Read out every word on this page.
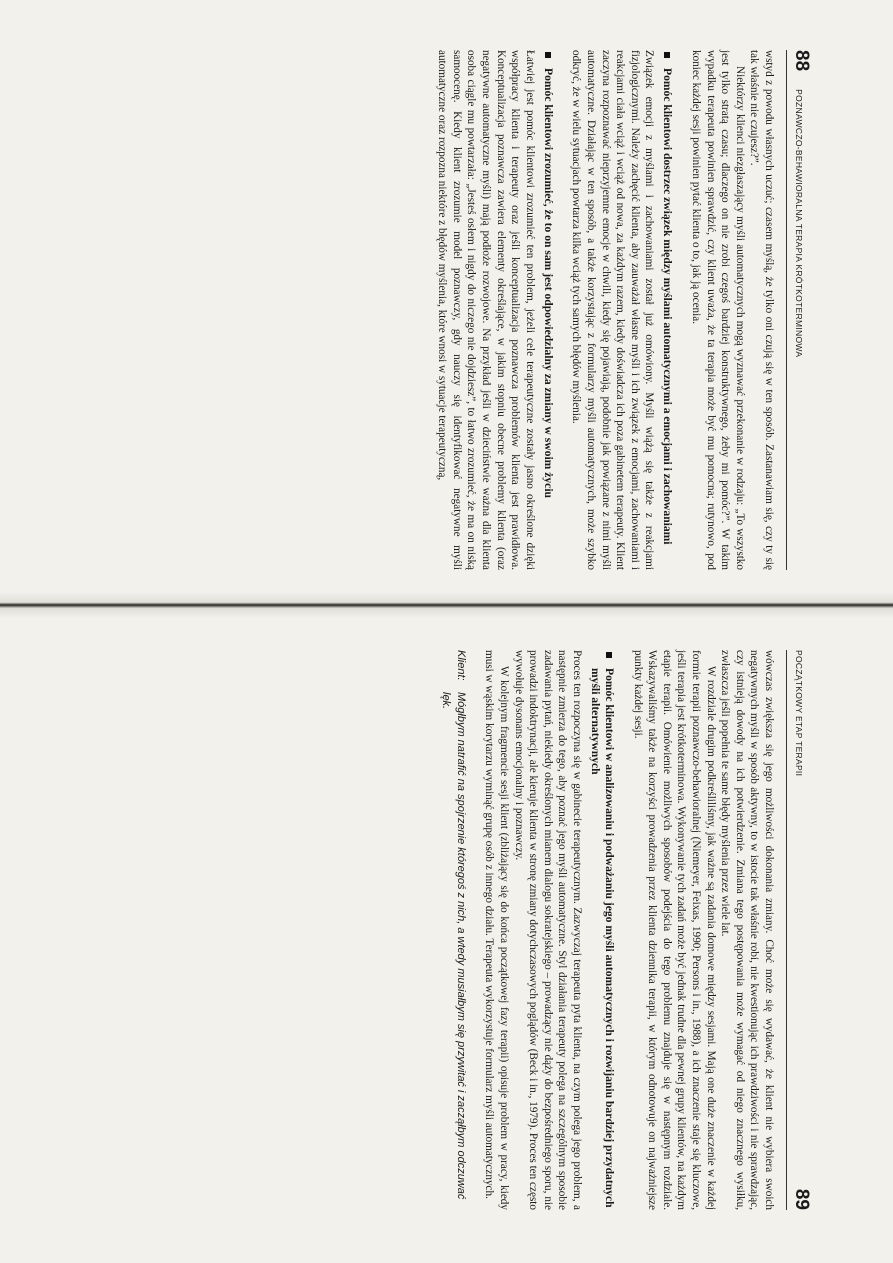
88
POZNAWCZO-BEHAWIORALNA TERAPIA KRÓTKOTERMINOWA

wstyd z powodu własnych uczuć; czasem myślą, że tylko oni czują się w ten sposób. Zastanawiam się, czy ty się tak właśnie nie czujesz?”.

Niektórzy klienci niezgłaszający myśli automatycznych mogą wyznawać przekonanie w rodzaju: „To wszystko jest tylko stratą czasu; dlaczego on nie zrobi czegoś bardziej konstruktywnego, żeby mi pomóc?”. W takim wypadku terapeuta powinien sprawdzić, czy klient uważa, że ta terapia może być mu pomocna; rutynowo, pod koniec każdej sesji powinien pytać klienta o to, jak ją ocenia.

Pomóc klientowi dostrzec związek między myślami automatycznymi a emocjami i zachowaniami

Związek emocji z myślami i zachowaniami został już omówiony. Myśli wiążą się także z reakcjami fizjologicznymi. Należy zachęcić klienta, aby zauważał własne myśli i ich związek z emocjami, zachowaniami i reakcjami ciała wciąż i wciąż od nowa, za każdym razem, kiedy doświadcza ich poza gabinetem terapeuty. Klient zaczyna rozpoznawać nieprzyjemne emocje w chwili, kiedy się pojawiają, podobnie jak powiązane z nimi myśli automatyczne. Działając w ten sposób, a także korzystając z formularzy myśli automatycznych, może szybko odkryć, że w wielu sytuacjach powtarza kilka wciąż tych samych błędów myślenia.

Pomóc klientowi zrozumieć, że to on sam jest odpowiedzialny za zmiany w swoim życiu

Łatwiej jest pomóc klientowi zrozumieć ten problem, jeżeli cele terapeutyczne zostały jasno określone dzięki współpracy klienta i terapeuty oraz jeśli konceptualizacja poznawcza problemów klienta jest prawidłowa. Konceptualizacja poznawcza zawiera elementy określające, w jakim stopniu obecne problemy klienta (oraz negatywne automatyczne myśli) mają podłoże rozwojowe. Na przykład jeśli w dzieciństwie ważna dla klienta osoba ciągle mu powtarzała: „Jesteś osłem i nigdy do niczego nie dojdziesz”, to łatwo zrozumieć, że ma on niską samoocenę. Kiedy klient zrozumie model poznawczy, gdy nauczy się identyfikować negatywne myśli automatyczne oraz rozpozna niektóre z błędów myślenia, które wnosi w sytuacje terapeutyczną,

POCZĄTKOWY ETAP TERAPII
89

wówczas zwiększa się jego możliwości dokonania zmiany. Choć może się wydawać, że klient nie wybiera swoich negatywnych myśli w sposób aktywny, to w istocie tak właśnie robi, nie kwestionując ich prawdziwości i nie sprawdzając, czy istnieją dowody na ich potwierdzenie. Zmiana tego postępowania może wymagać od niego znacznego wysiłku, zwłaszcza jeśli popełnia te same błędy myślenia przez wiele lat.

W rozdziale drugim podkreśliliśmy, jak ważne są zadania domowe między sesjami. Mają one duże znaczenie w każdej formie terapii poznawczo-behawioralnej (Niemeyer, Feixas, 1990; Persons i in., 1988), a ich znaczenie staje się kluczowe, jeśli terapia jest krótkoterminowa. Wykonywanie tych zadań może być jednak trudne dla pewnej grupy klientów, na każdym etapie terapii. Omówienie możliwych sposobów podejścia do tego problemu znajduje się w następnym rozdziale. Wskazywaliśmy także na korzyści prowadzenia przez klienta dziennika terapii, w którym odnotowuje on najważniejsze punkty każdej sesji.

Pomóc klientowi w analizowaniu i podważaniu jego myśli automatycznych i rozwijaniu bardziej przydatnych myśli alternatywnych

Proces ten rozpoczyna się w gabinecie terapeutycznym. Zazwyczaj terapeuta pyta klienta, na czym polega jego problem, a następnie zmierza do tego, aby poznać jego myśli automatyczne. Styl działania terapeuty polega na szczególnym sposobie zadawania pytań, niekiedy określonych mianem dialogu sokratejskiego – prowadzący nie dąży do bezpośredniego sporu, nie prowadzi indoktrynacji, ale kieruje klienta w stronę zmiany dotychczasowych poglądów (Beck i in., 1979). Proces ten często wywołuje dysonans emocjonalny i poznawczy.

W kolejnym fragmencie sesji klient (zbliżający się do końca początkowej fazy terapii) opisuje problem w pracy, kiedy musi w wąskim korytarzu wyminąć grupę osób z innego działu. Terapeuta wykorzystuje formularz myśli automatycznych.

Klient:
Mógłbym natrafić na spojrzenie któregoś z nich, a wtedy musiałbym się przywitać i zacząłbym odczuwać lęk.
